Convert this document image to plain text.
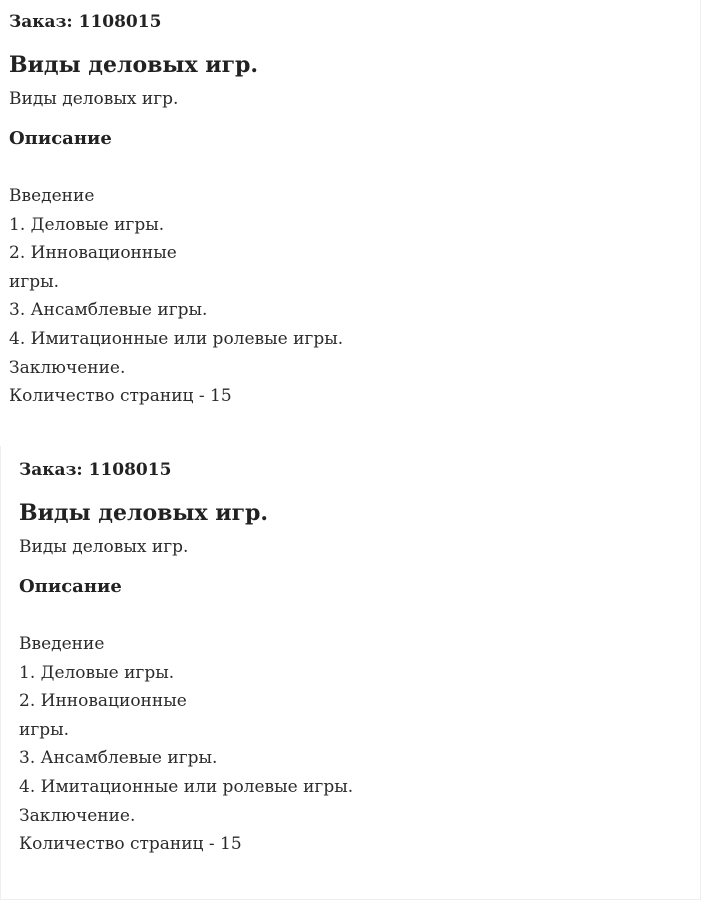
Заказ: 1108015
Виды деловых игр.
Виды деловых игр.
Описание
Введение
1. Деловые игры.
2. Инновационные
игры.
3. Ансамблевые игры.
4. Имитационные или ролевые игры.
Заключение.
Количество страниц - 15
Заказ: 1108015
Виды деловых игр.
Виды деловых игр.
Описание
Введение
1. Деловые игры.
2. Инновационные
игры.
3. Ансамблевые игры.
4. Имитационные или ролевые игры.
Заключение.
Количество страниц - 15
